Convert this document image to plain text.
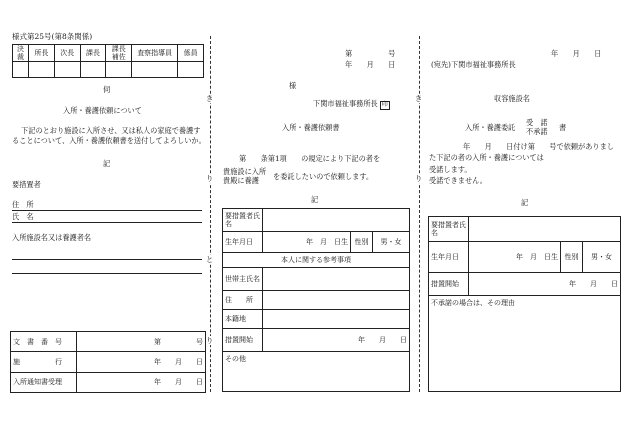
様式第25号(第8条関係)
決裁	所長	次長	課長	課長補佐	査察指導員	係員

伺
入所・養護依頼について
下記のとおり施設に入所させ、又は私人の家庭で養護することについて、入所・養護依頼書を送付してよろしいか。
記
要措置者
住　所
氏　名
入所施設名又は養護者名
文　書　番　号	第　　　　　号
施　　　　　行	年　　月　　日
入所通知書受理	年　　月　　日
き
り
と
り
き
り
第　　　　　号
年　　月　　日
様
下関市福祉事務所長 印
入所・養護依頼書
第　　条第1項　　の規定により下記の者を
貴施設に入所
貴殿に養護	を委託したいので依頼します。
記
要措置者氏名			
生年月日	年　月　日生	性別	男・女
本人に関する参考事項			
世帯主氏名			
住　　所			
本籍地			
措置開始	年　　月　　日		
その他			
年　　月　　日
(宛先)下関市福祉事務所長
収容施設名
入所・養護委託
受　諾
不承諾 書
年　　月　　日付け第　　号で依頼がありました下記の者の入所・養護については
受諾します。
受諾できません。
記
要措置者氏名			
生年月日	年　月　日生	性別	男・女
措置開始	年　　月　　日		
不承諾の場合は、その理由			
